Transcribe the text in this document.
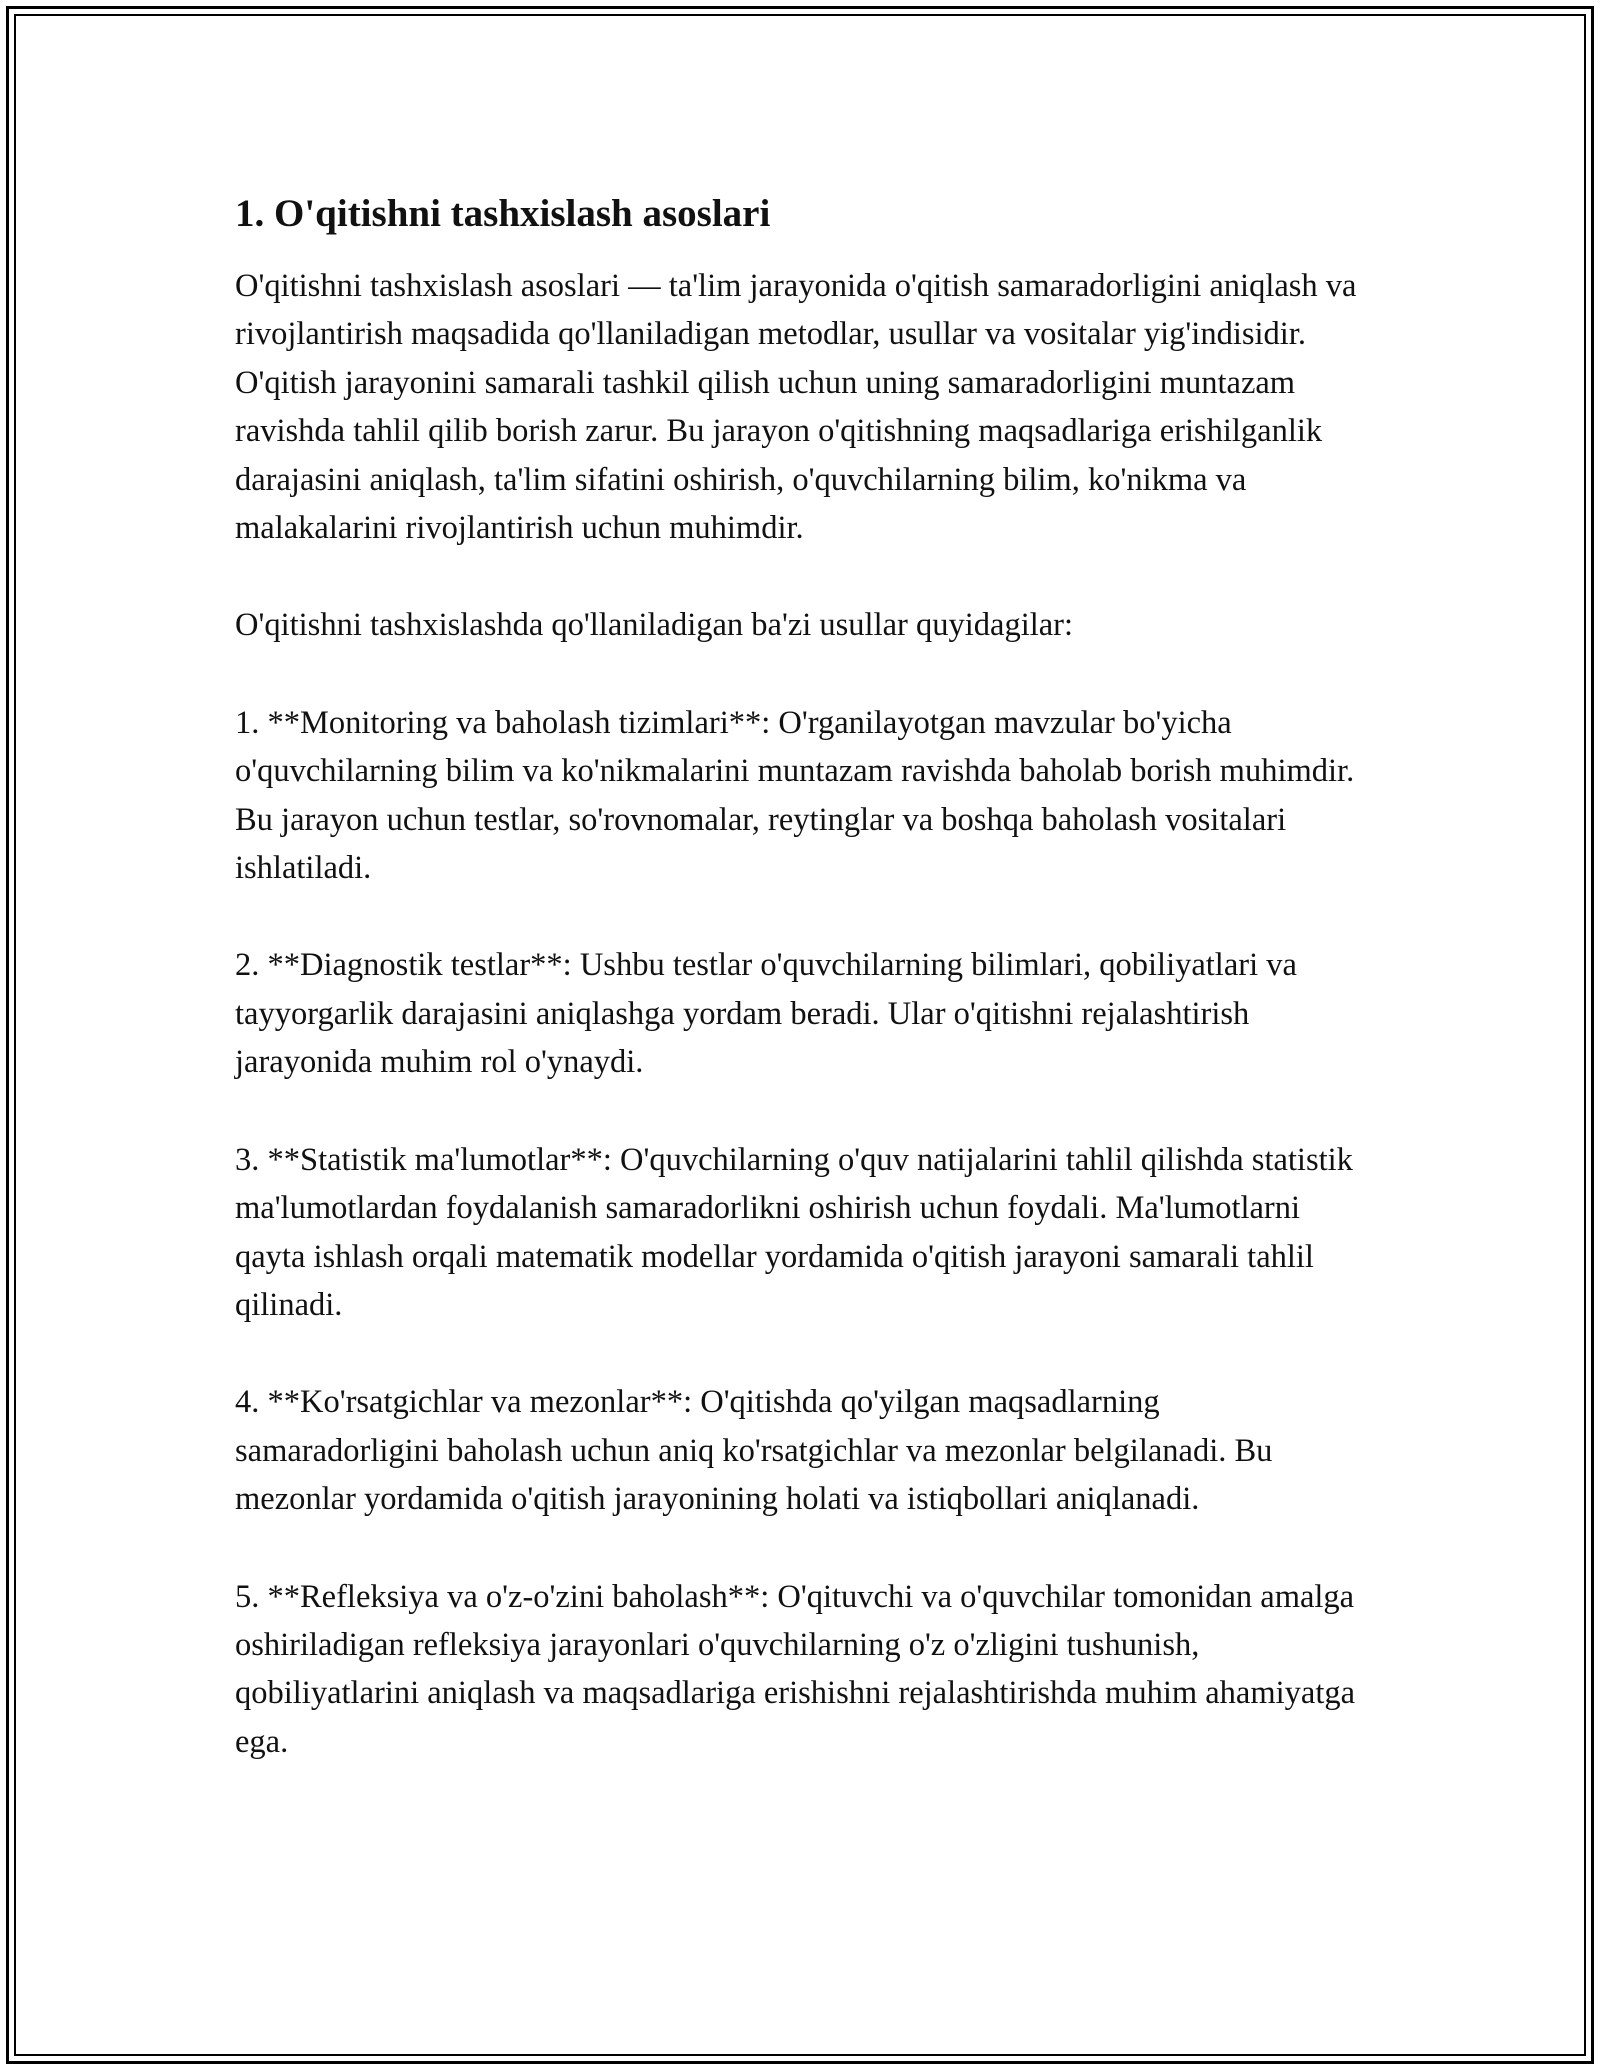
1. O'qitishni tashxislash asoslari

O'qitishni tashxislash asoslari — ta'lim jarayonida o'qitish samaradorligini aniqlash va rivojlantirish maqsadida qo'llaniladigan metodlar, usullar va vositalar yig'indisidir. O'qitish jarayonini samarali tashkil qilish uchun uning samaradorligini muntazam ravishda tahlil qilib borish zarur. Bu jarayon o'qitishning maqsadlariga erishilganlik darajasini aniqlash, ta'lim sifatini oshirish, o'quvchilarning bilim, ko'nikma va malakalarini rivojlantirish uchun muhimdir.

O'qitishni tashxislashda qo'llaniladigan ba'zi usullar quyidagilar:

1. **Monitoring va baholash tizimlari**: O'rganilayotgan mavzular bo'yicha o'quvchilarning bilim va ko'nikmalarini muntazam ravishda baholab borish muhimdir. Bu jarayon uchun testlar, so'rovnomalar, reytinglar va boshqa baholash vositalari ishlatiladi.

2. **Diagnostik testlar**: Ushbu testlar o'quvchilarning bilimlari, qobiliyatlari va tayyorgarlik darajasini aniqlashga yordam beradi. Ular o'qitishni rejalashtirish jarayonida muhim rol o'ynaydi.

3. **Statistik ma'lumotlar**: O'quvchilarning o'quv natijalarini tahlil qilishda statistik ma'lumotlardan foydalanish samaradorlikni oshirish uchun foydali. Ma'lumotlarni qayta ishlash orqali matematik modellar yordamida o'qitish jarayoni samarali tahlil qilinadi.

4. **Ko'rsatgichlar va mezonlar**: O'qitishda qo'yilgan maqsadlarning samaradorligini baholash uchun aniq ko'rsatgichlar va mezonlar belgilanadi. Bu mezonlar yordamida o'qitish jarayonining holati va istiqbollari aniqlanadi.

5. **Refleksiya va o'z-o'zini baholash**: O'qituvchi va o'quvchilar tomonidan amalga oshiriladigan refleksiya jarayonlari o'quvchilarning o'z o'zligini tushunish, qobiliyatlarini aniqlash va maqsadlariga erishishni rejalashtirishda muhim ahamiyatga ega.
